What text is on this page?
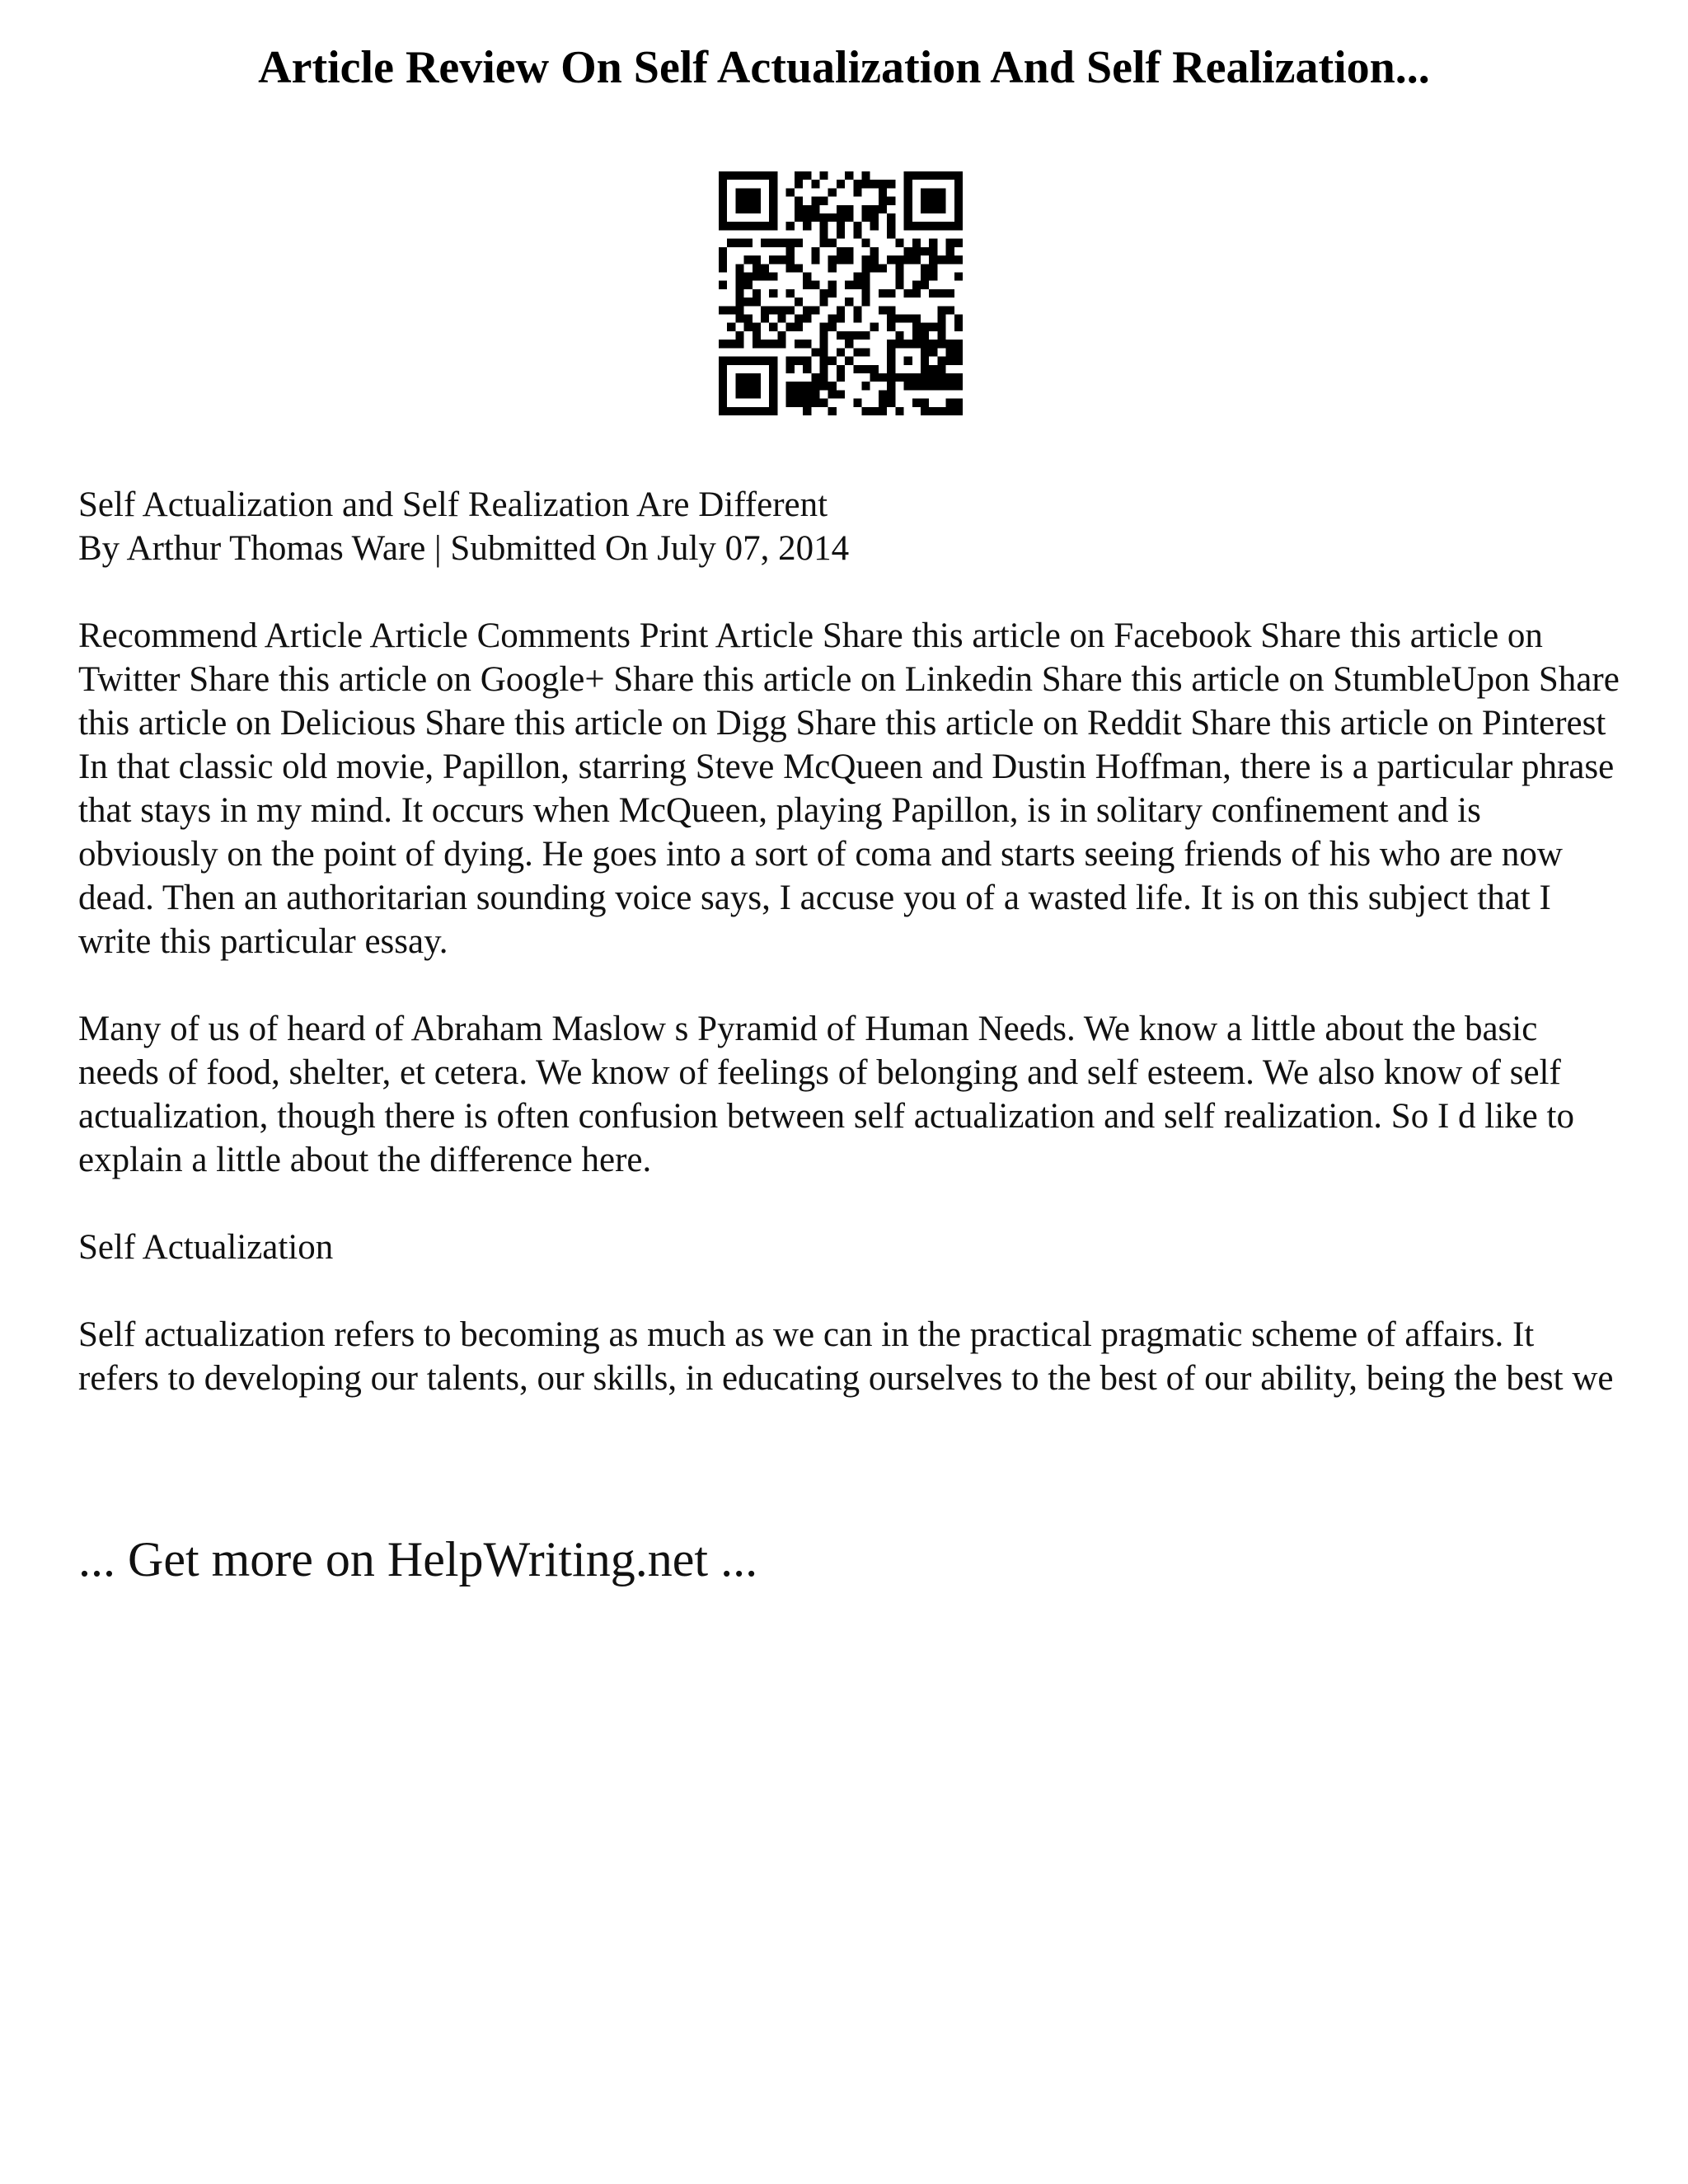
Article Review On Self Actualization And Self Realization...

Self Actualization and Self Realization Are Different

By Arthur Thomas Ware | Submitted On July 07, 2014

Recommend Article Article Comments Print Article Share this article on Facebook Share this article on Twitter Share this article on Google+ Share this article on Linkedin Share this article on StumbleUpon Share this article on Delicious Share this article on Digg Share this article on Reddit Share this article on Pinterest

In that classic old movie, Papillon, starring Steve McQueen and Dustin Hoffman, there is a particular phrase that stays in my mind. It occurs when McQueen, playing Papillon, is in solitary confinement and is obviously on the point of dying. He goes into a sort of coma and starts seeing friends of his who are now dead. Then an authoritarian sounding voice says, I accuse you of a wasted life. It is on this subject that I write this particular essay.

Many of us of heard of Abraham Maslow s Pyramid of Human Needs. We know a little about the basic needs of food, shelter, et cetera. We know of feelings of belonging and self esteem. We also know of self actualization, though there is often confusion between self actualization and self realization. So I d like to explain a little about the difference here.

Self Actualization

Self actualization refers to becoming as much as we can in the practical pragmatic scheme of affairs. It refers to developing our talents, our skills, in educating ourselves to the best of our ability, being the best we

... Get more on HelpWriting.net ...
